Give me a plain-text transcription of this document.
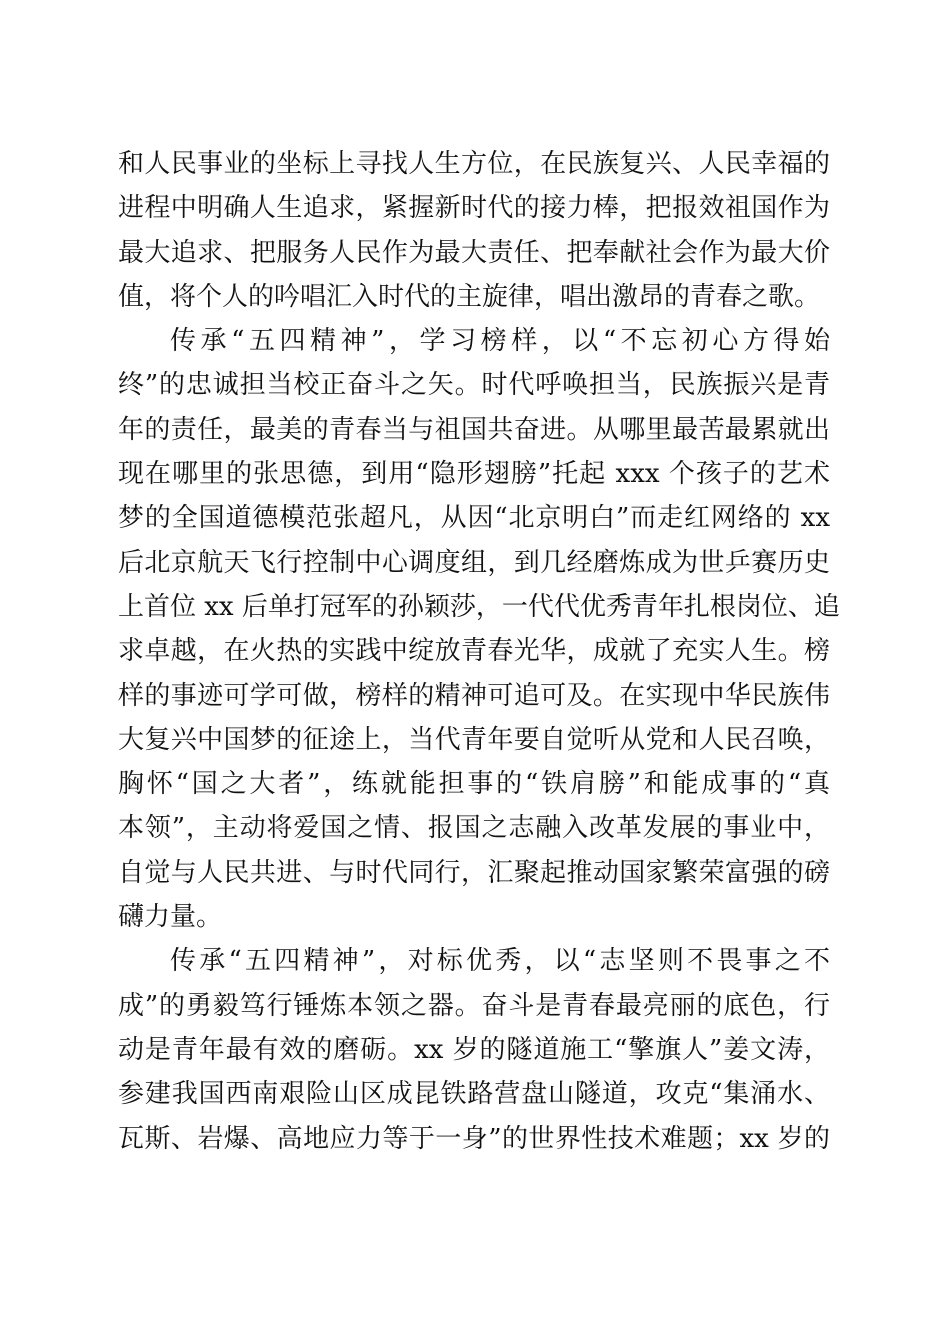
和人民事业的坐标上寻找人生方位，在民族复兴、人民幸福的
进程中明确人生追求，紧握新时代的接力棒，把报效祖国作为
最大追求、把服务人民作为最大责任、把奉献社会作为最大价
值，将个人的吟唱汇入时代的主旋律，唱出激昂的青春之歌。
传承“五四精神”，学习榜样，以“不忘初心方得始
终”的忠诚担当校正奋斗之矢。时代呼唤担当，民族振兴是青
年的责任，最美的青春当与祖国共奋进。从哪里最苦最累就出
现在哪里的张思德，到用“隐形翅膀”托起 xxx 个孩子的艺术
梦的全国道德模范张超凡，从因“北京明白”而走红网络的 xx
后北京航天飞行控制中心调度组，到几经磨炼成为世乒赛历史
上首位 xx 后单打冠军的孙颖莎，一代代优秀青年扎根岗位、追
求卓越，在火热的实践中绽放青春光华，成就了充实人生。榜
样的事迹可学可做，榜样的精神可追可及。在实现中华民族伟
大复兴中国梦的征途上，当代青年要自觉听从党和人民召唤，
胸怀“国之大者”，练就能担事的“铁肩膀”和能成事的“真
本领”，主动将爱国之情、报国之志融入改革发展的事业中，
自觉与人民共进、与时代同行，汇聚起推动国家繁荣富强的磅
礴力量。
传承“五四精神”，对标优秀，以“志坚则不畏事之不
成”的勇毅笃行锤炼本领之器。奋斗是青春最亮丽的底色，行
动是青年最有效的磨砺。xx 岁的隧道施工“擎旗人”姜文涛，
参建我国西南艰险山区成昆铁路营盘山隧道，攻克“集涌水、
瓦斯、岩爆、高地应力等于一身”的世界性技术难题；xx 岁的
